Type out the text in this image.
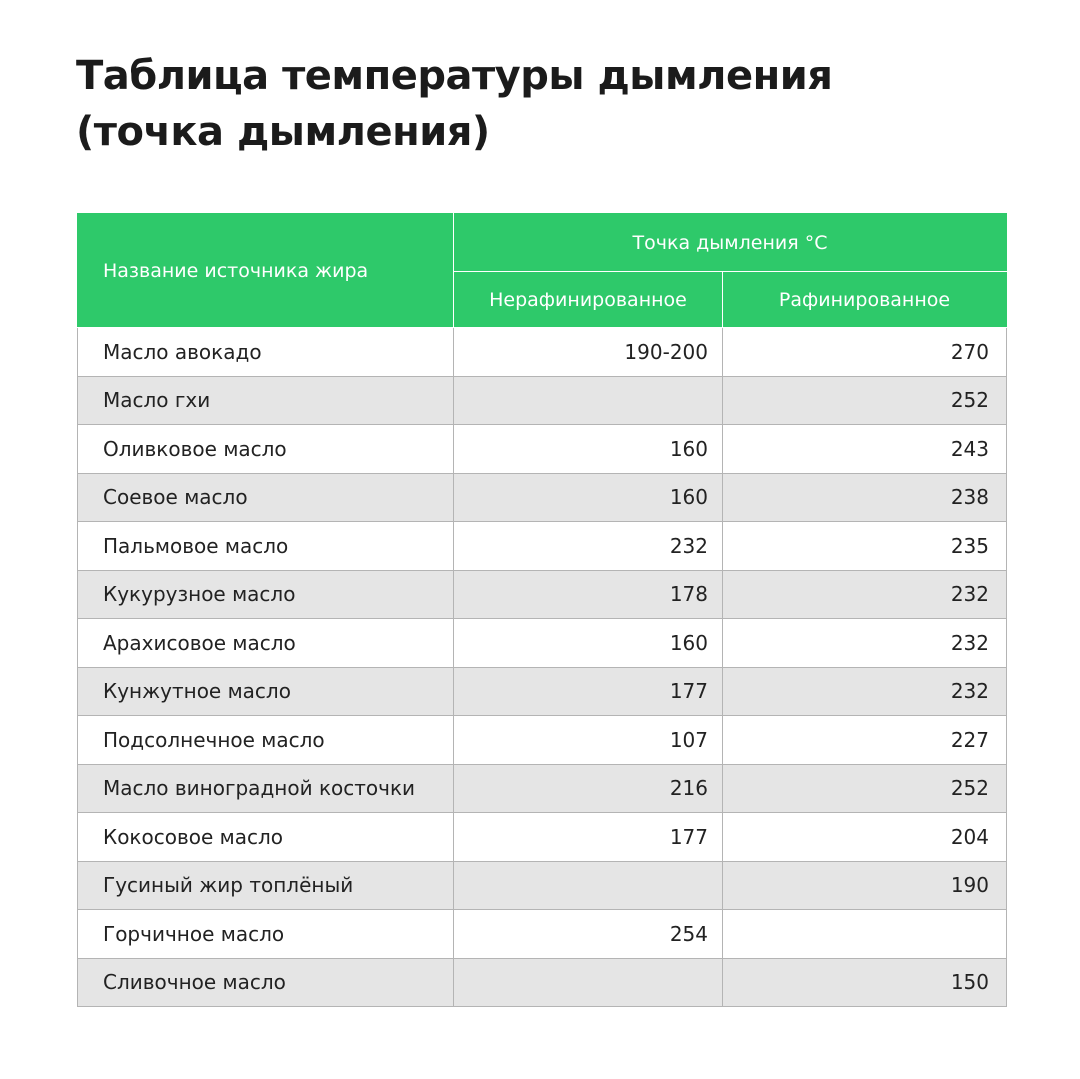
Таблица температуры дымления
(точка дымления)
Название источника жира	Точка дымления °С	
	Нерафинированное	Рафинированное
Масло авокадо	190-200	270
Масло гхи		252
Оливковое масло	160	243
Соевое масло	160	238
Пальмовое масло	232	235
Кукурузное масло	178	232
Арахисовое масло	160	232
Кунжутное масло	177	232
Подсолнечное масло	107	227
Масло виноградной косточки	216	252
Кокосовое масло	177	204
Гусиный жир топлёный		190
Горчичное масло	254	
Сливочное масло		150
